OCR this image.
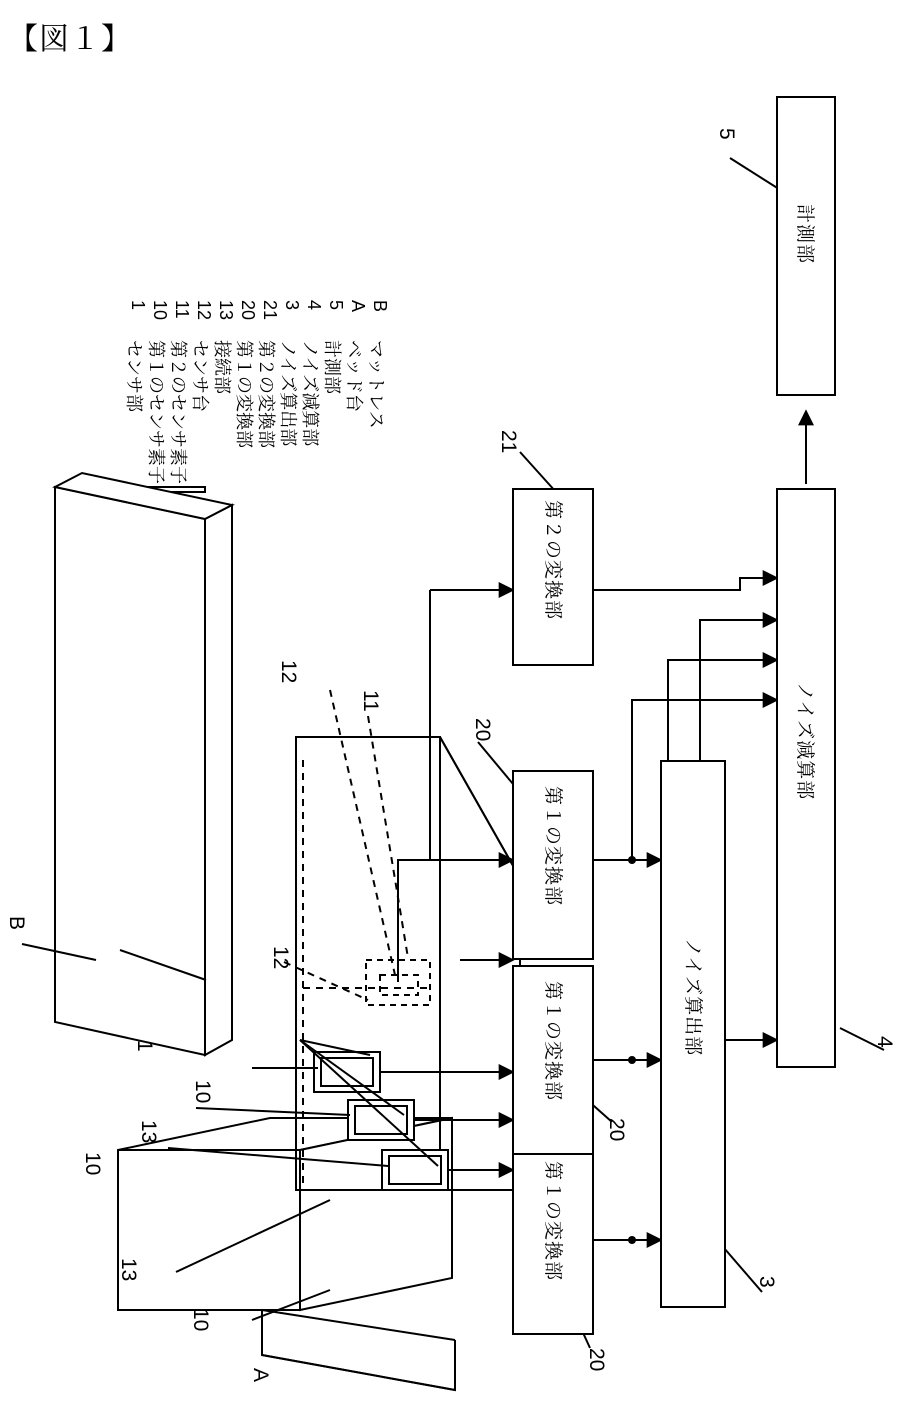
【図１】
第１の変換部
第１の変換部
第１の変換部
第２の変換部
ノイズ算出部
ノイズ減算部
計測部
5
21
20
20
20
3
4
12
11
12
1
10
13
10
13
10
B
A
1
センサ部
10
第１のセンサ素子
11
第２のセンサ素子
12
センサ台
13
接続部
20
第１の変換部
21
第２の変換部
3
ノイズ算出部
4
ノイズ減算部
5
計測部
A
ベッド台
B
マットレス
